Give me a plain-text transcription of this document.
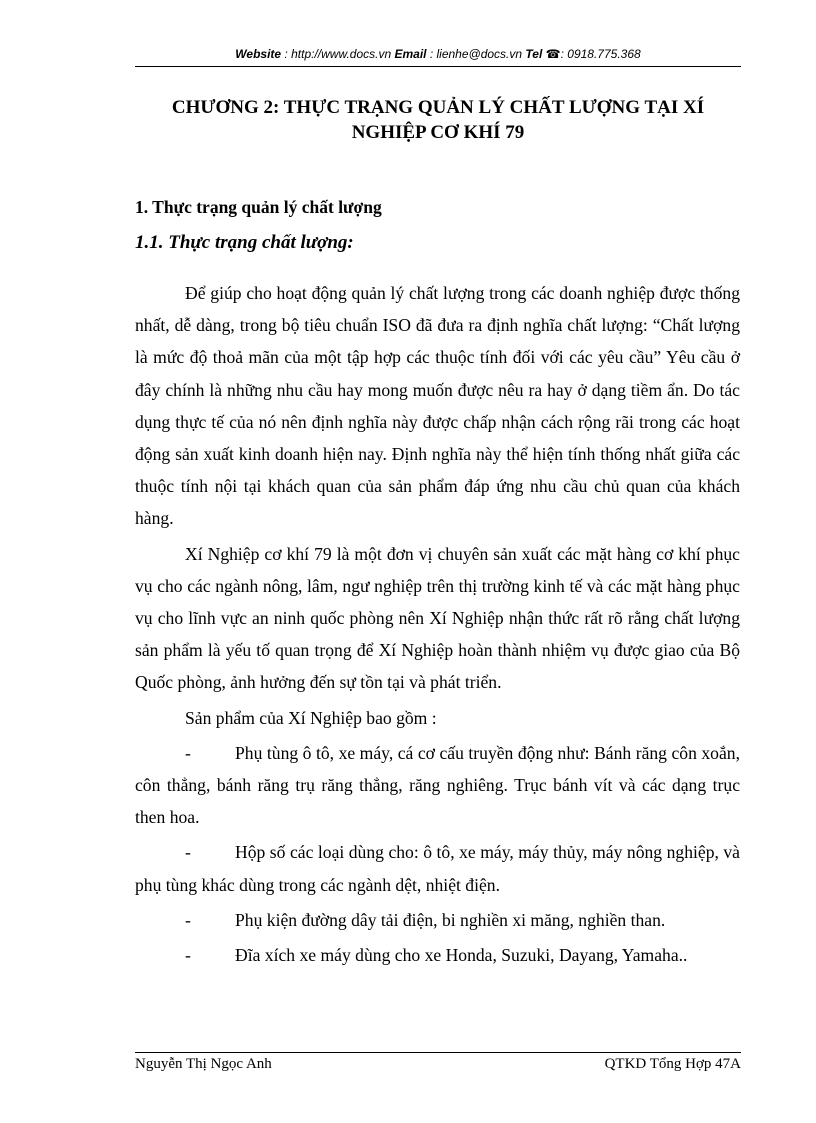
Website : http://www.docs.vn Email : lienhe@docs.vn Tel ☎: 0918.775.368
CHƯƠNG 2: THỰC TRẠNG QUẢN LÝ CHẤT LƯỢNG TẠI XÍ
NGHIỆP CƠ KHÍ 79
1. Thực trạng quản lý chất lượng
1.1. Thực trạng chất lượng:

Để giúp cho hoạt động quản lý chất lượng trong các doanh nghiệp được thống nhất, dễ dàng, trong bộ tiêu chuẩn ISO đã đưa ra định nghĩa chất lượng: “Chất lượng là mức độ thoả mãn của một tập hợp các thuộc tính đối với các yêu cầu” Yêu cầu ở đây chính là những nhu cầu hay mong muốn được nêu ra hay ở dạng tiềm ẩn. Do tác dụng thực tế của nó nên định nghĩa này được chấp nhận cách rộng rãi trong các hoạt động sản xuất kinh doanh hiện nay. Định nghĩa này thể hiện tính thống nhất giữa các thuộc tính nội tại khách quan của sản phẩm đáp ứng nhu cầu chủ quan của khách hàng.

Xí Nghiệp cơ khí 79 là một đơn vị chuyên sản xuất các mặt hàng cơ khí phục vụ cho các ngành nông, lâm, ngư nghiệp trên thị trường kinh tế và các mặt hàng phục vụ cho lĩnh vực an ninh quốc phòng nên Xí Nghiệp nhận thức rất rõ rằng chất lượng sản phẩm là yếu tố quan trọng để Xí Nghiệp hoàn thành nhiệm vụ được giao của Bộ Quốc phòng, ảnh hưởng đến sự tồn tại và phát triển.

Sản phẩm của Xí Nghiệp bao gồm :

-	Phụ tùng ô tô, xe máy, cá cơ cấu truyền động như: Bánh răng côn xoắn, côn thẳng, bánh răng trụ răng thẳng, răng nghiêng. Trục bánh vít và các dạng trục then hoa.
-	Hộp số các loại dùng cho: ô tô, xe máy, máy thủy, máy nông nghiệp, và phụ tùng khác dùng trong các ngành dệt, nhiệt điện.
-	Phụ kiện đường dây tải điện, bi nghiền xi măng, nghiền than.
-	Đĩa xích xe máy dùng cho xe Honda, Suzuki, Dayang, Yamaha..
Nguyễn Thị Ngọc Anh	QTKD Tổng Hợp 47A
